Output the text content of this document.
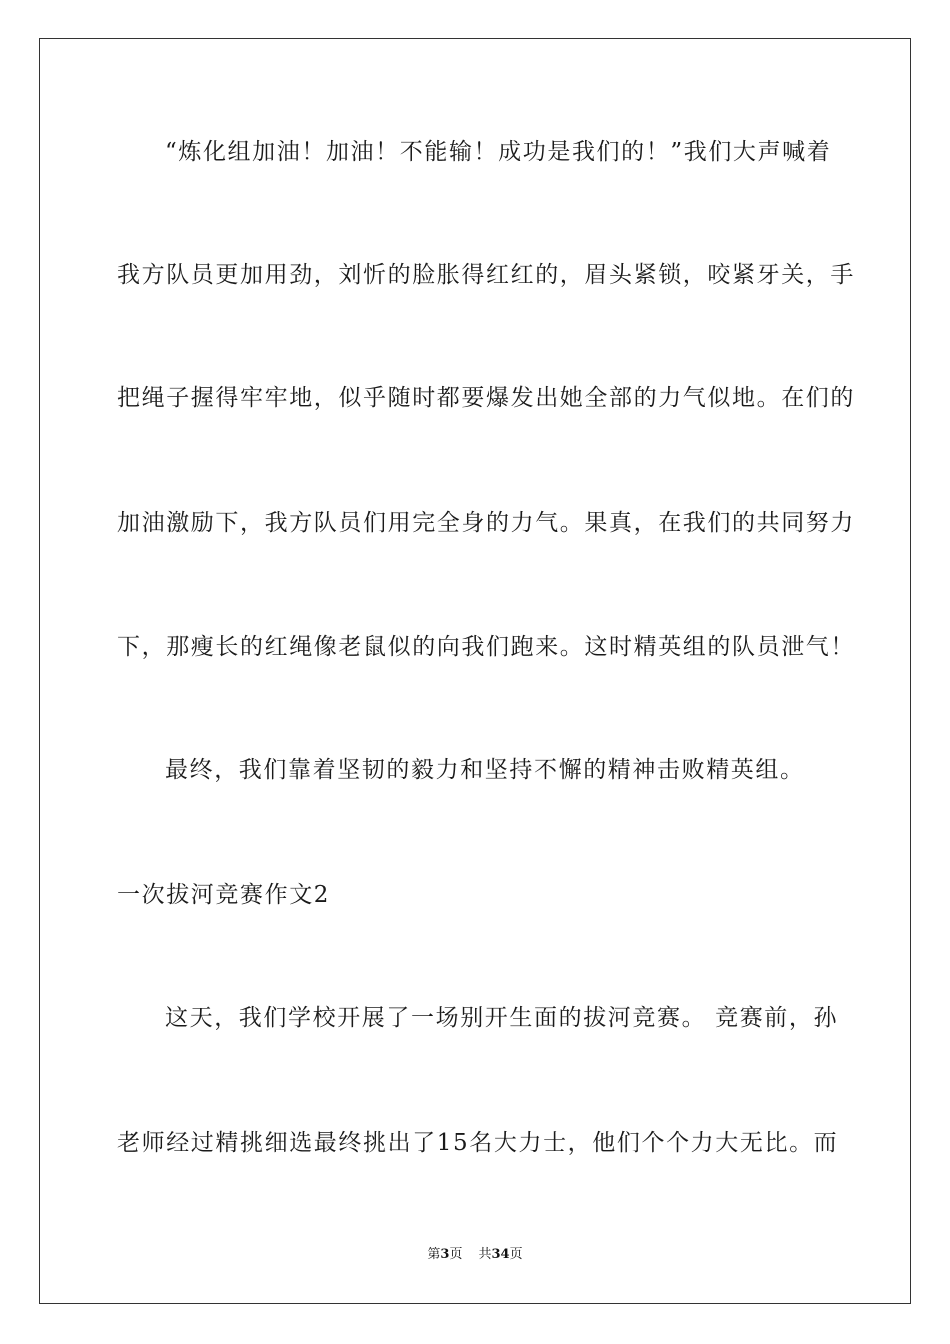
“炼化组加油！加油！不能输！成功是我们的！”我们大声喊着
我方队员更加用劲，刘忻的脸胀得红红的，眉头紧锁，咬紧牙关，手
把绳子握得牢牢地，似乎随时都要爆发出她全部的力气似地。在们的
加油激励下，我方队员们用完全身的力气。果真，在我们的共同努力
下，那瘦长的红绳像老鼠似的向我们跑来。这时精英组的队员泄气！
最终，我们靠着坚韧的毅力和坚持不懈的精神击败精英组。
一次拔河竞赛作文2
这天，我们学校开展了一场别开生面的拔河竞赛。 竞赛前，孙
老师经过精挑细选最终挑出了15名大力士，他们个个力大无比。而
第3页 共34页
